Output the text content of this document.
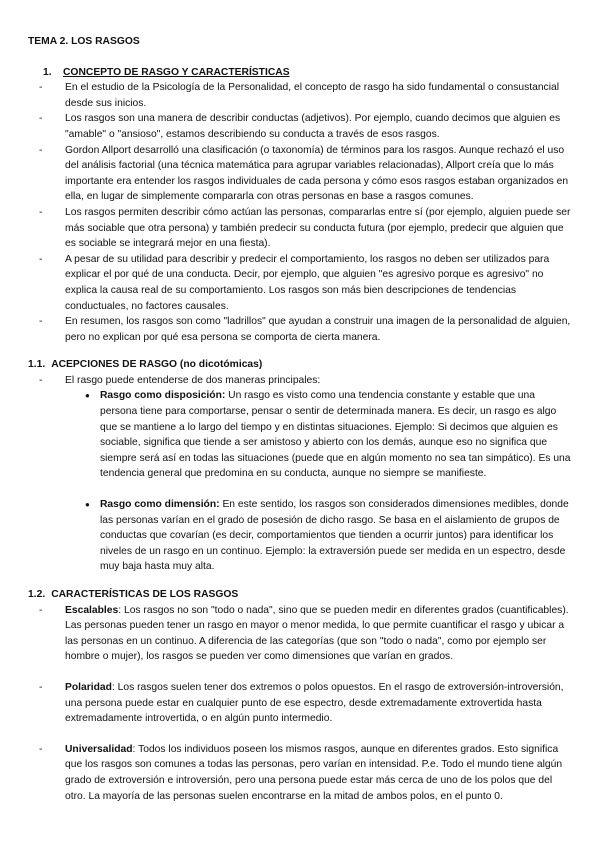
TEMA 2. LOS RASGOS
1. CONCEPTO DE RASGO Y CARACTERÍSTICAS
- En el estudio de la Psicología de la Personalidad, el concepto de rasgo ha sido fundamental o consustancial desde sus inicios.
- Los rasgos son una manera de describir conductas (adjetivos). Por ejemplo, cuando decimos que alguien es "amable" o "ansioso", estamos describiendo su conducta a través de esos rasgos.
- Gordon Allport desarrolló una clasificación (o taxonomía) de términos para los rasgos. Aunque rechazó el uso del análisis factorial (una técnica matemática para agrupar variables relacionadas), Allport creía que lo más importante era entender los rasgos individuales de cada persona y cómo esos rasgos estaban organizados en ella, en lugar de simplemente compararla con otras personas en base a rasgos comunes.
- Los rasgos permiten describir cómo actúan las personas, compararlas entre sí (por ejemplo, alguien puede ser más sociable que otra persona) y también predecir su conducta futura (por ejemplo, predecir que alguien que es sociable se integrará mejor en una fiesta).
- A pesar de su utilidad para describir y predecir el comportamiento, los rasgos no deben ser utilizados para explicar el por qué de una conducta. Decir, por ejemplo, que alguien "es agresivo porque es agresivo" no explica la causa real de su comportamiento. Los rasgos son más bien descripciones de tendencias conductuales, no factores causales.
- En resumen, los rasgos son como "ladrillos" que ayudan a construir una imagen de la personalidad de alguien, pero no explican por qué esa persona se comporta de cierta manera.
1.1. ACEPCIONES DE RASGO (no dicotómicas)
- El rasgo puede entenderse de dos maneras principales:
● Rasgo como disposición: Un rasgo es visto como una tendencia constante y estable que una persona tiene para comportarse, pensar o sentir de determinada manera. Es decir, un rasgo es algo que se mantiene a lo largo del tiempo y en distintas situaciones. Ejemplo: Si decimos que alguien es sociable, significa que tiende a ser amistoso y abierto con los demás, aunque eso no significa que siempre será así en todas las situaciones (puede que en algún momento no sea tan simpático). Es una tendencia general que predomina en su conducta, aunque no siempre se manifieste.
● Rasgo como dimensión: En este sentido, los rasgos son considerados dimensiones medibles, donde las personas varían en el grado de posesión de dicho rasgo. Se basa en el aislamiento de grupos de conductas que covarían (es decir, comportamientos que tienden a ocurrir juntos) para identificar los niveles de un rasgo en un continuo. Ejemplo: la extraversión puede ser medida en un espectro, desde muy baja hasta muy alta.
1.2. CARACTERÍSTICAS DE LOS RASGOS
- Escalables: Los rasgos no son "todo o nada", sino que se pueden medir en diferentes grados (cuantificables). Las personas pueden tener un rasgo en mayor o menor medida, lo que permite cuantificar el rasgo y ubicar a las personas en un continuo. A diferencia de las categorías (que son "todo o nada", como por ejemplo ser hombre o mujer), los rasgos se pueden ver como dimensiones que varían en grados.
- Polaridad: Los rasgos suelen tener dos extremos o polos opuestos. En el rasgo de extroversión-introversión, una persona puede estar en cualquier punto de ese espectro, desde extremadamente extrovertida hasta extremadamente introvertida, o en algún punto intermedio.
- Universalidad: Todos los individuos poseen los mismos rasgos, aunque en diferentes grados. Esto significa que los rasgos son comunes a todas las personas, pero varían en intensidad. P.e. Todo el mundo tiene algún grado de extroversión e introversión, pero una persona puede estar más cerca de uno de los polos que del otro. La mayoría de las personas suelen encontrarse en la mitad de ambos polos, en el punto 0.
